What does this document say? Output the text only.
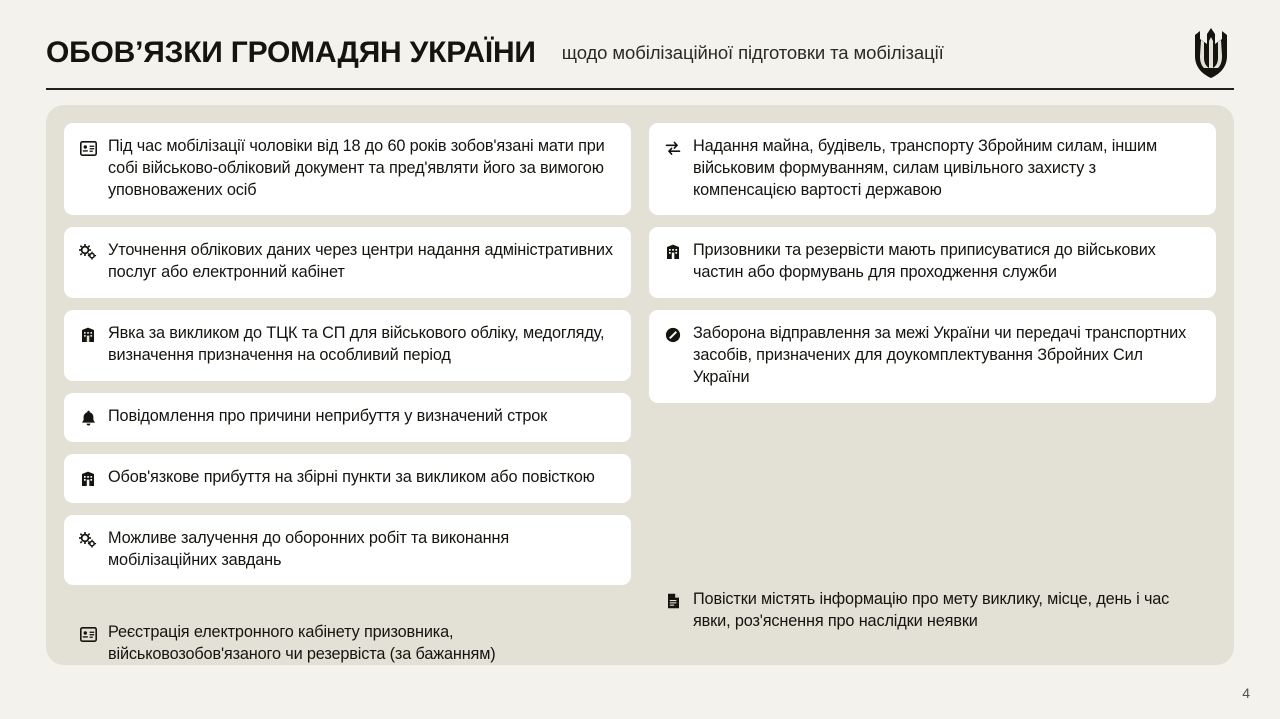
ОБОВ’ЯЗКИ ГРОМАДЯН УКРАЇНИ щодо мобілізаційної підготовки та мобілізації
Під час мобілізації чоловіки від 18 до 60 років зобов'язані мати при собі військово-обліковий документ та пред'являти його за вимогою уповноважених осіб
Уточнення облікових даних через центри надання адміністративних послуг або електронний кабінет
Явка за викликом до ТЦК та СП для військового обліку, медогляду, визначення призначення на особливий період
Повідомлення про причини неприбуття у визначений строк
Обов'язкове прибуття на збірні пункти за викликом або повісткою
Можливе залучення до оборонних робіт та виконання мобілізаційних завдань
Реєстрація електронного кабінету призовника, військовозобов'язаного чи резервіста (за бажанням)
Надання майна, будівель, транспорту Збройним силам, іншим військовим формуванням, силам цивільного захисту з компенсацією вартості державою
Призовники та резервісти мають приписуватися до військових частин або формувань для проходження служби
Заборона відправлення за межі України чи передачі транспортних засобів, призначених для доукомплектування Збройних Сил України
Повістки містять інформацію про мету виклику, місце, день і час явки, роз'яснення про наслідки неявки
4
